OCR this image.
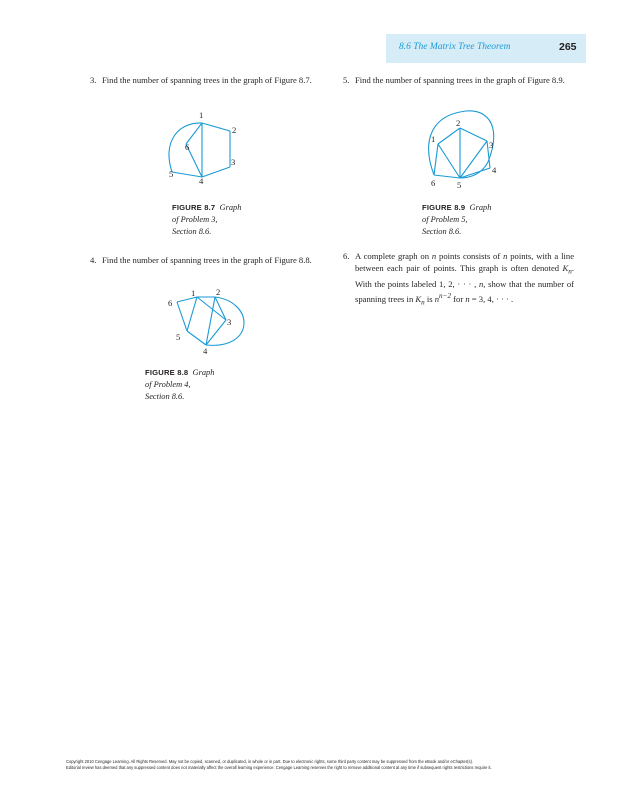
8.6 The Matrix Tree Theorem	265
3. Find the number of spanning trees in the graph of Figure 8.7.
1
2
3
4
5
6
FIGURE 8.7 Graph
of Problem 3,
Section 8.6.
4. Find the number of spanning trees in the graph of Figure 8.8.
1 2
3
4
5
6
FIGURE 8.8 Graph
of Problem 4,
Section 8.6.
5. Find the number of spanning trees in the graph of Figure 8.9.
1
2
3
4
5
6
FIGURE 8.9 Graph
of Problem 5,
Section 8.6.
6. A complete graph on n points consists of n points, with a line between each pair of points. This graph is often denoted $K_n$. With the points labeled 1, 2, · · · , n, show that the number of spanning trees in $K_n$ is $n^{n-2}$ for n = 3, 4, · · · .
Copyright 2010 Cengage Learning. All Rights Reserved. May not be copied, scanned, or duplicated, in whole or in part. Due to electronic rights, some third party content may be suppressed from the eBook and/or eChapter(s).
Editorial review has deemed that any suppressed content does not materially affect the overall learning experience. Cengage Learning reserves the right to remove additional content at any time if subsequent rights restrictions require it.
